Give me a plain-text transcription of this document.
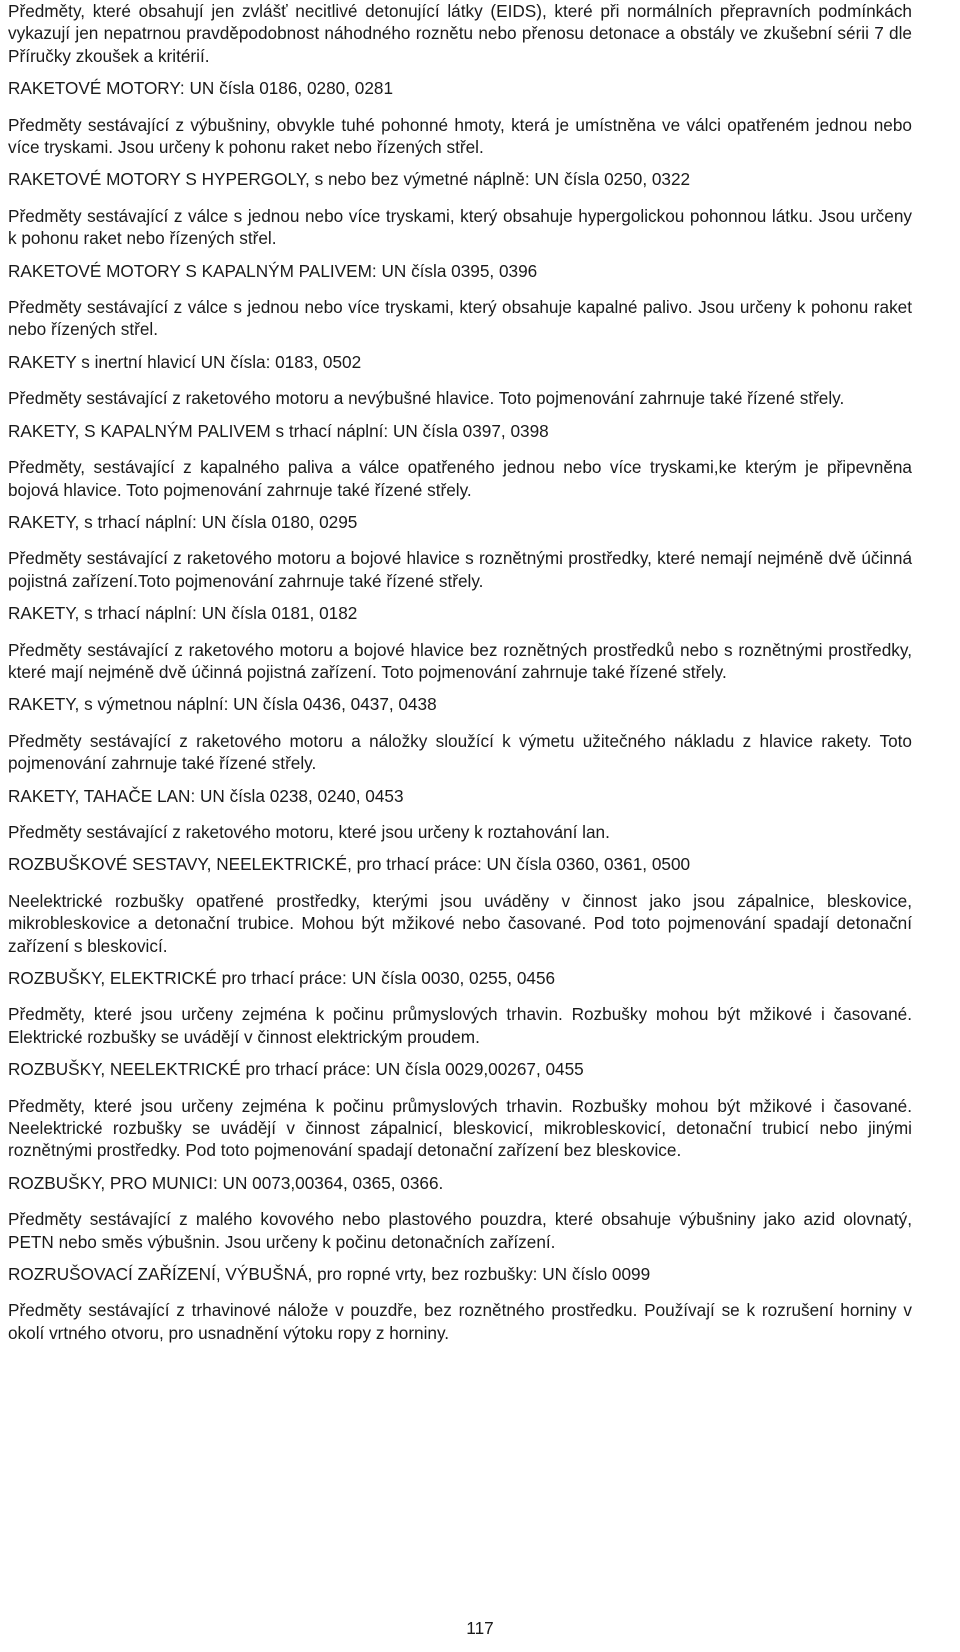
Předměty, které obsahují jen zvlášť necitlivé detonující látky (EIDS), které při normálních přepravních podmínkách vykazují jen nepatrnou pravděpodobnost náhodného roznětu nebo přenosu detonace a obstály ve zkušební sérii 7 dle Příručky zkoušek a kritérií.

RAKETOVÉ MOTORY: UN čísla 0186, 0280, 0281

Předměty sestávající z výbušniny, obvykle tuhé pohonné hmoty, která je umístněna ve válci opatřeném jednou nebo více tryskami. Jsou určeny k pohonu raket nebo řízených střel.

RAKETOVÉ MOTORY S HYPERGOLY, s nebo bez výmetné náplně: UN čísla 0250, 0322

Předměty sestávající z válce s jednou nebo více tryskami, který obsahuje hypergolickou pohonnou látku. Jsou určeny k pohonu raket nebo řízených střel.

RAKETOVÉ MOTORY S KAPALNÝM PALIVEM: UN čísla 0395, 0396

Předměty sestávající z válce s jednou nebo více tryskami, který obsahuje kapalné palivo. Jsou určeny k pohonu raket nebo řízených střel.

RAKETY s inertní hlavicí UN čísla: 0183, 0502

Předměty sestávající z raketového motoru a nevýbušné hlavice. Toto pojmenování zahrnuje také řízené střely.

RAKETY, S KAPALNÝM PALIVEM s trhací náplní: UN čísla 0397, 0398

Předměty, sestávající z kapalného paliva a válce opatřeného jednou nebo více tryskami,ke kterým je připevněna bojová hlavice. Toto pojmenování zahrnuje také řízené střely.

RAKETY, s trhací náplní: UN čísla 0180, 0295

Předměty sestávající z raketového motoru a bojové hlavice s roznětnými prostředky, které nemají nejméně dvě účinná pojistná zařízení.Toto pojmenování zahrnuje také řízené střely.

RAKETY, s trhací náplní: UN čísla 0181, 0182

Předměty sestávající z raketového motoru a bojové hlavice bez roznětných prostředků nebo s roznětnými prostředky, které mají nejméně dvě účinná pojistná zařízení. Toto pojmenování zahrnuje také řízené střely.

RAKETY, s výmetnou náplní: UN čísla 0436, 0437, 0438

Předměty sestávající z raketového motoru a náložky sloužící k výmetu užitečného nákladu z hlavice rakety. Toto pojmenování zahrnuje také řízené střely.

RAKETY, TAHAČE LAN: UN čísla 0238, 0240, 0453

Předměty sestávající z raketového motoru, které jsou určeny k roztahování lan.

ROZBUŠKOVÉ SESTAVY, NEELEKTRICKÉ, pro trhací práce: UN čísla 0360, 0361, 0500

Neelektrické rozbušky opatřené prostředky, kterými jsou uváděny v činnost jako jsou zápalnice, bleskovice, mikrobleskovice a detonační trubice. Mohou být mžikové nebo časované. Pod toto pojmenování spadají detonační zařízení s bleskovicí.

ROZBUŠKY, ELEKTRICKÉ pro trhací práce: UN čísla 0030, 0255, 0456

Předměty, které jsou určeny zejména k počinu průmyslových trhavin. Rozbušky mohou být mžikové i časované. Elektrické rozbušky se uvádějí v činnost elektrickým proudem.

ROZBUŠKY, NEELEKTRICKÉ pro trhací práce: UN čísla 0029,00267, 0455

Předměty, které jsou určeny zejména k počinu průmyslových trhavin. Rozbušky mohou být mžikové i časované. Neelektrické rozbušky se uvádějí v činnost zápalnicí, bleskovicí, mikrobleskovicí, detonační trubicí nebo jinými roznětnými prostředky. Pod toto pojmenování spadají detonační zařízení bez bleskovice.

ROZBUŠKY, PRO MUNICI: UN 0073,00364, 0365, 0366.

Předměty sestávající z malého kovového nebo plastového pouzdra, které obsahuje výbušniny jako azid olovnatý, PETN nebo směs výbušnin. Jsou určeny k počinu detonačních zařízení.

ROZRUŠOVACÍ ZAŘÍZENÍ, VÝBUŠNÁ, pro ropné vrty, bez rozbušky: UN číslo 0099

Předměty sestávající z trhavinové nálože v pouzdře, bez roznětného prostředku. Používají se k rozrušení horniny v okolí vrtného otvoru, pro usnadnění výtoku ropy z horniny.

117
